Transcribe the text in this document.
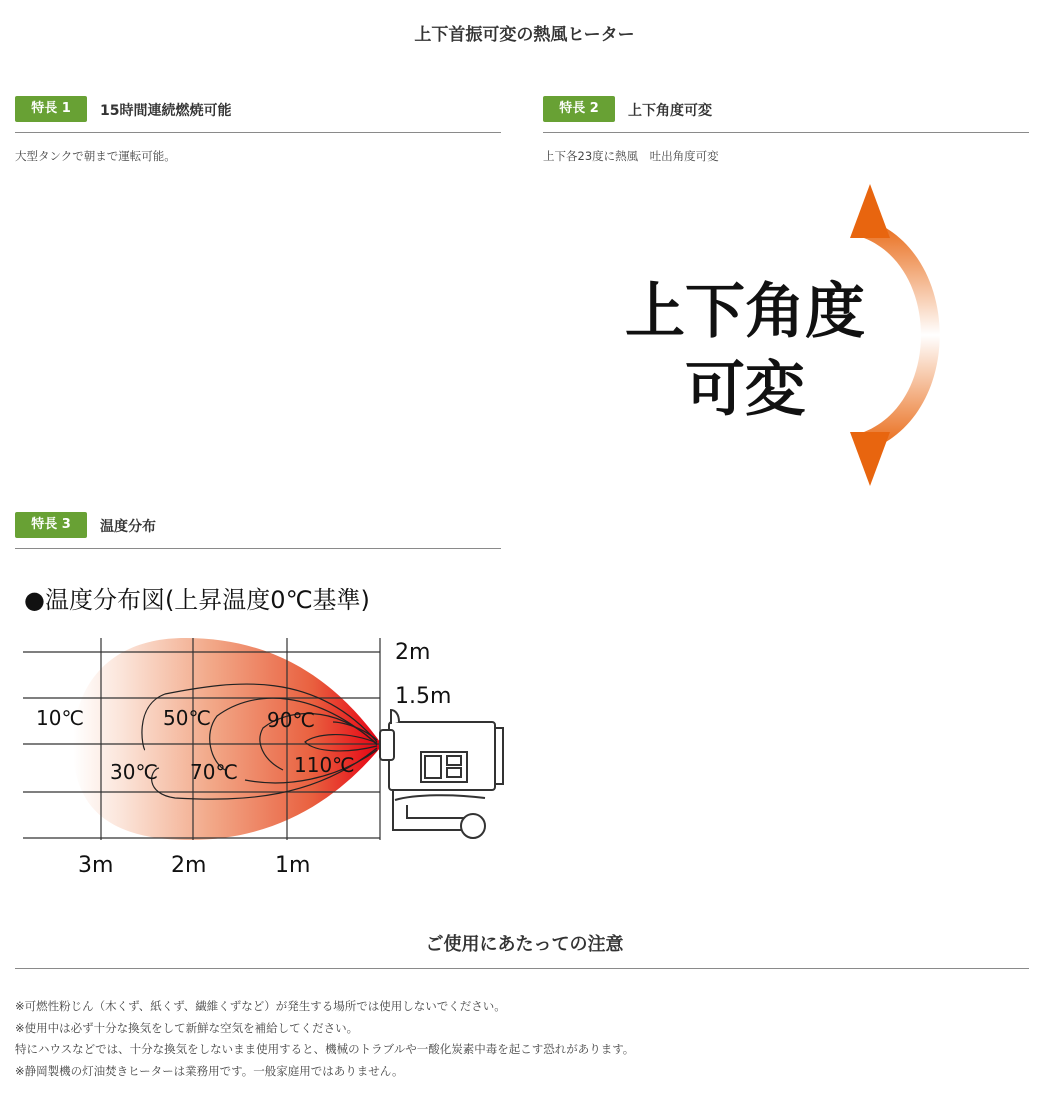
上下首振可変の熱風ヒーター
特長 1	15時間連続燃焼可能
大型タンクで朝まで運転可能。
特長 2	上下角度可変
上下各23度に熱風　吐出角度可変
上下角度
可変
特長 3	温度分布
●温度分布図(上昇温度0℃基準)
10℃
30℃
50℃
70℃
90℃
110℃
2m
1.5m
3m	2m	1m
ご使用にあたっての注意
※可燃性粉じん（木くず、紙くず、繊維くずなど）が発生する場所では使用しないでください。
※使用中は必ず十分な換気をして新鮮な空気を補給してください。
特にハウスなどでは、十分な換気をしないまま使用すると、機械のトラブルや一酸化炭素中毒を起こす恐れがあります。
※静岡製機の灯油焚きヒーターは業務用です。一般家庭用ではありません。
